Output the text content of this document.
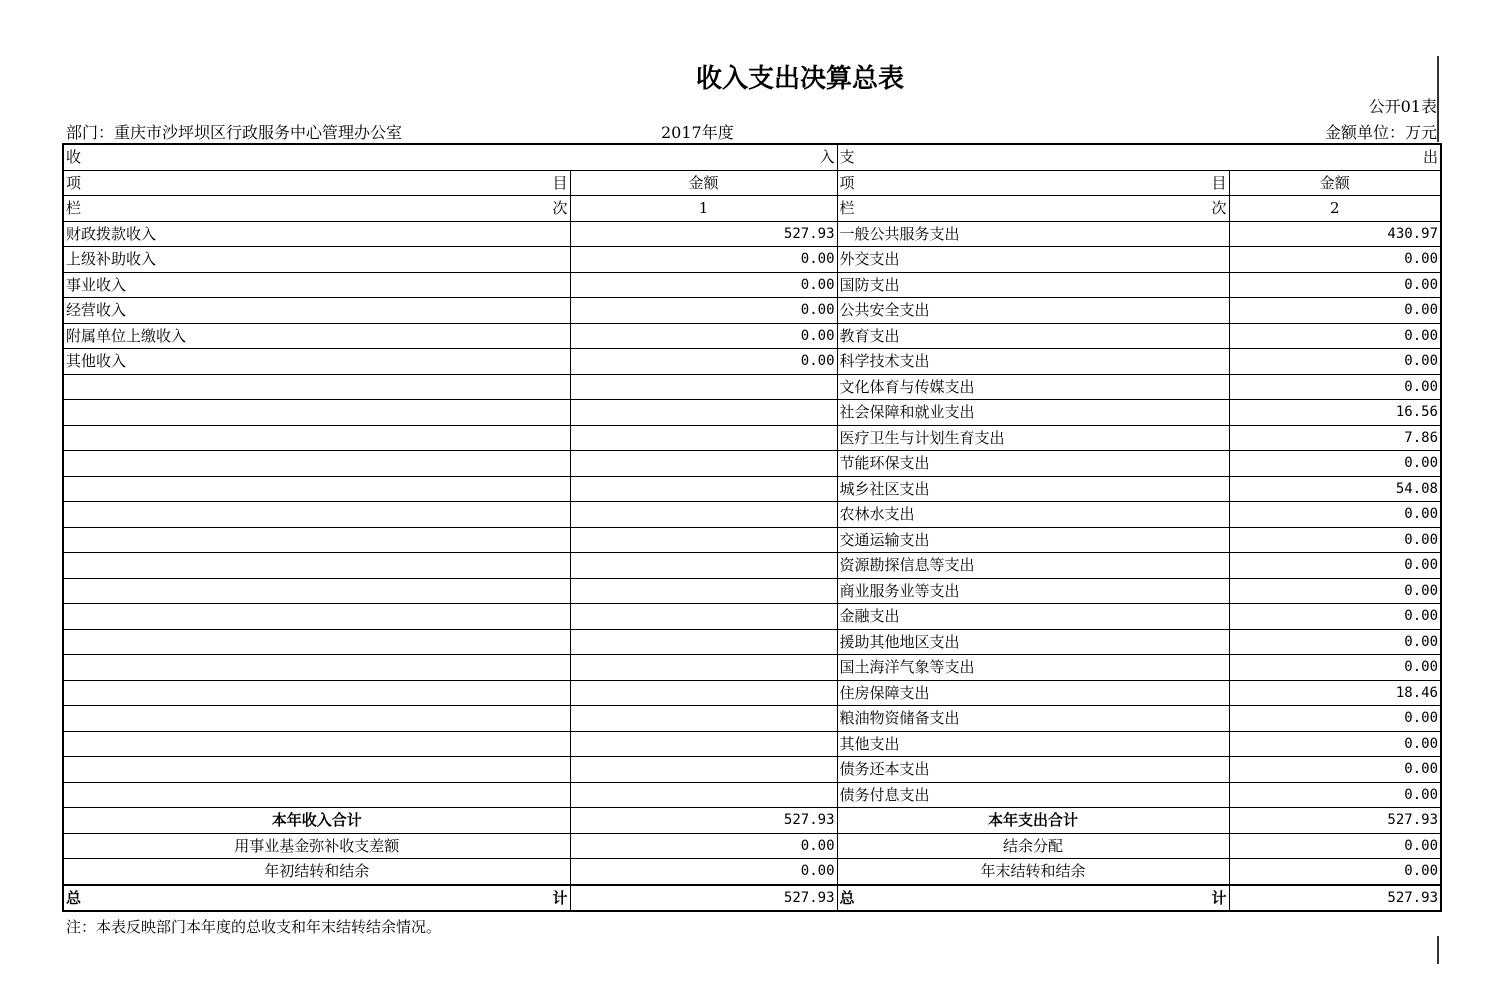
收入支出决算总表
公开01表
部门：重庆市沙坪坝区行政服务中心管理办公室	2017年度	金额单位：万元
收 入		支 出	

项 目	金额	项 目	金额

栏 次	1	栏 次	2
财政拨款收入	527.93	一般公共服务支出	430.97
上级补助收入	0.00	外交支出	0.00
事业收入	0.00	国防支出	0.00
经营收入	0.00	公共安全支出	0.00
附属单位上缴收入	0.00	教育支出	0.00
其他收入	0.00	科学技术支出	0.00
		文化体育与传媒支出	0.00
		社会保障和就业支出	16.56
		医疗卫生与计划生育支出	7.86
		节能环保支出	0.00
		城乡社区支出	54.08
		农林水支出	0.00
		交通运输支出	0.00
		资源勘探信息等支出	0.00
		商业服务业等支出	0.00
		金融支出	0.00
		援助其他地区支出	0.00
		国土海洋气象等支出	0.00
		住房保障支出	18.46
		粮油物资储备支出	0.00
		其他支出	0.00
		债务还本支出	0.00
		债务付息支出	0.00
本年收入合计	527.93	本年支出合计	527.93
用事业基金弥补收支差额	0.00	结余分配	0.00
年初结转和结余	0.00	年末结转和结余	0.00

总 计	527.93	总 计	527.93
注：本表反映部门本年度的总收支和年末结转结余情况。
